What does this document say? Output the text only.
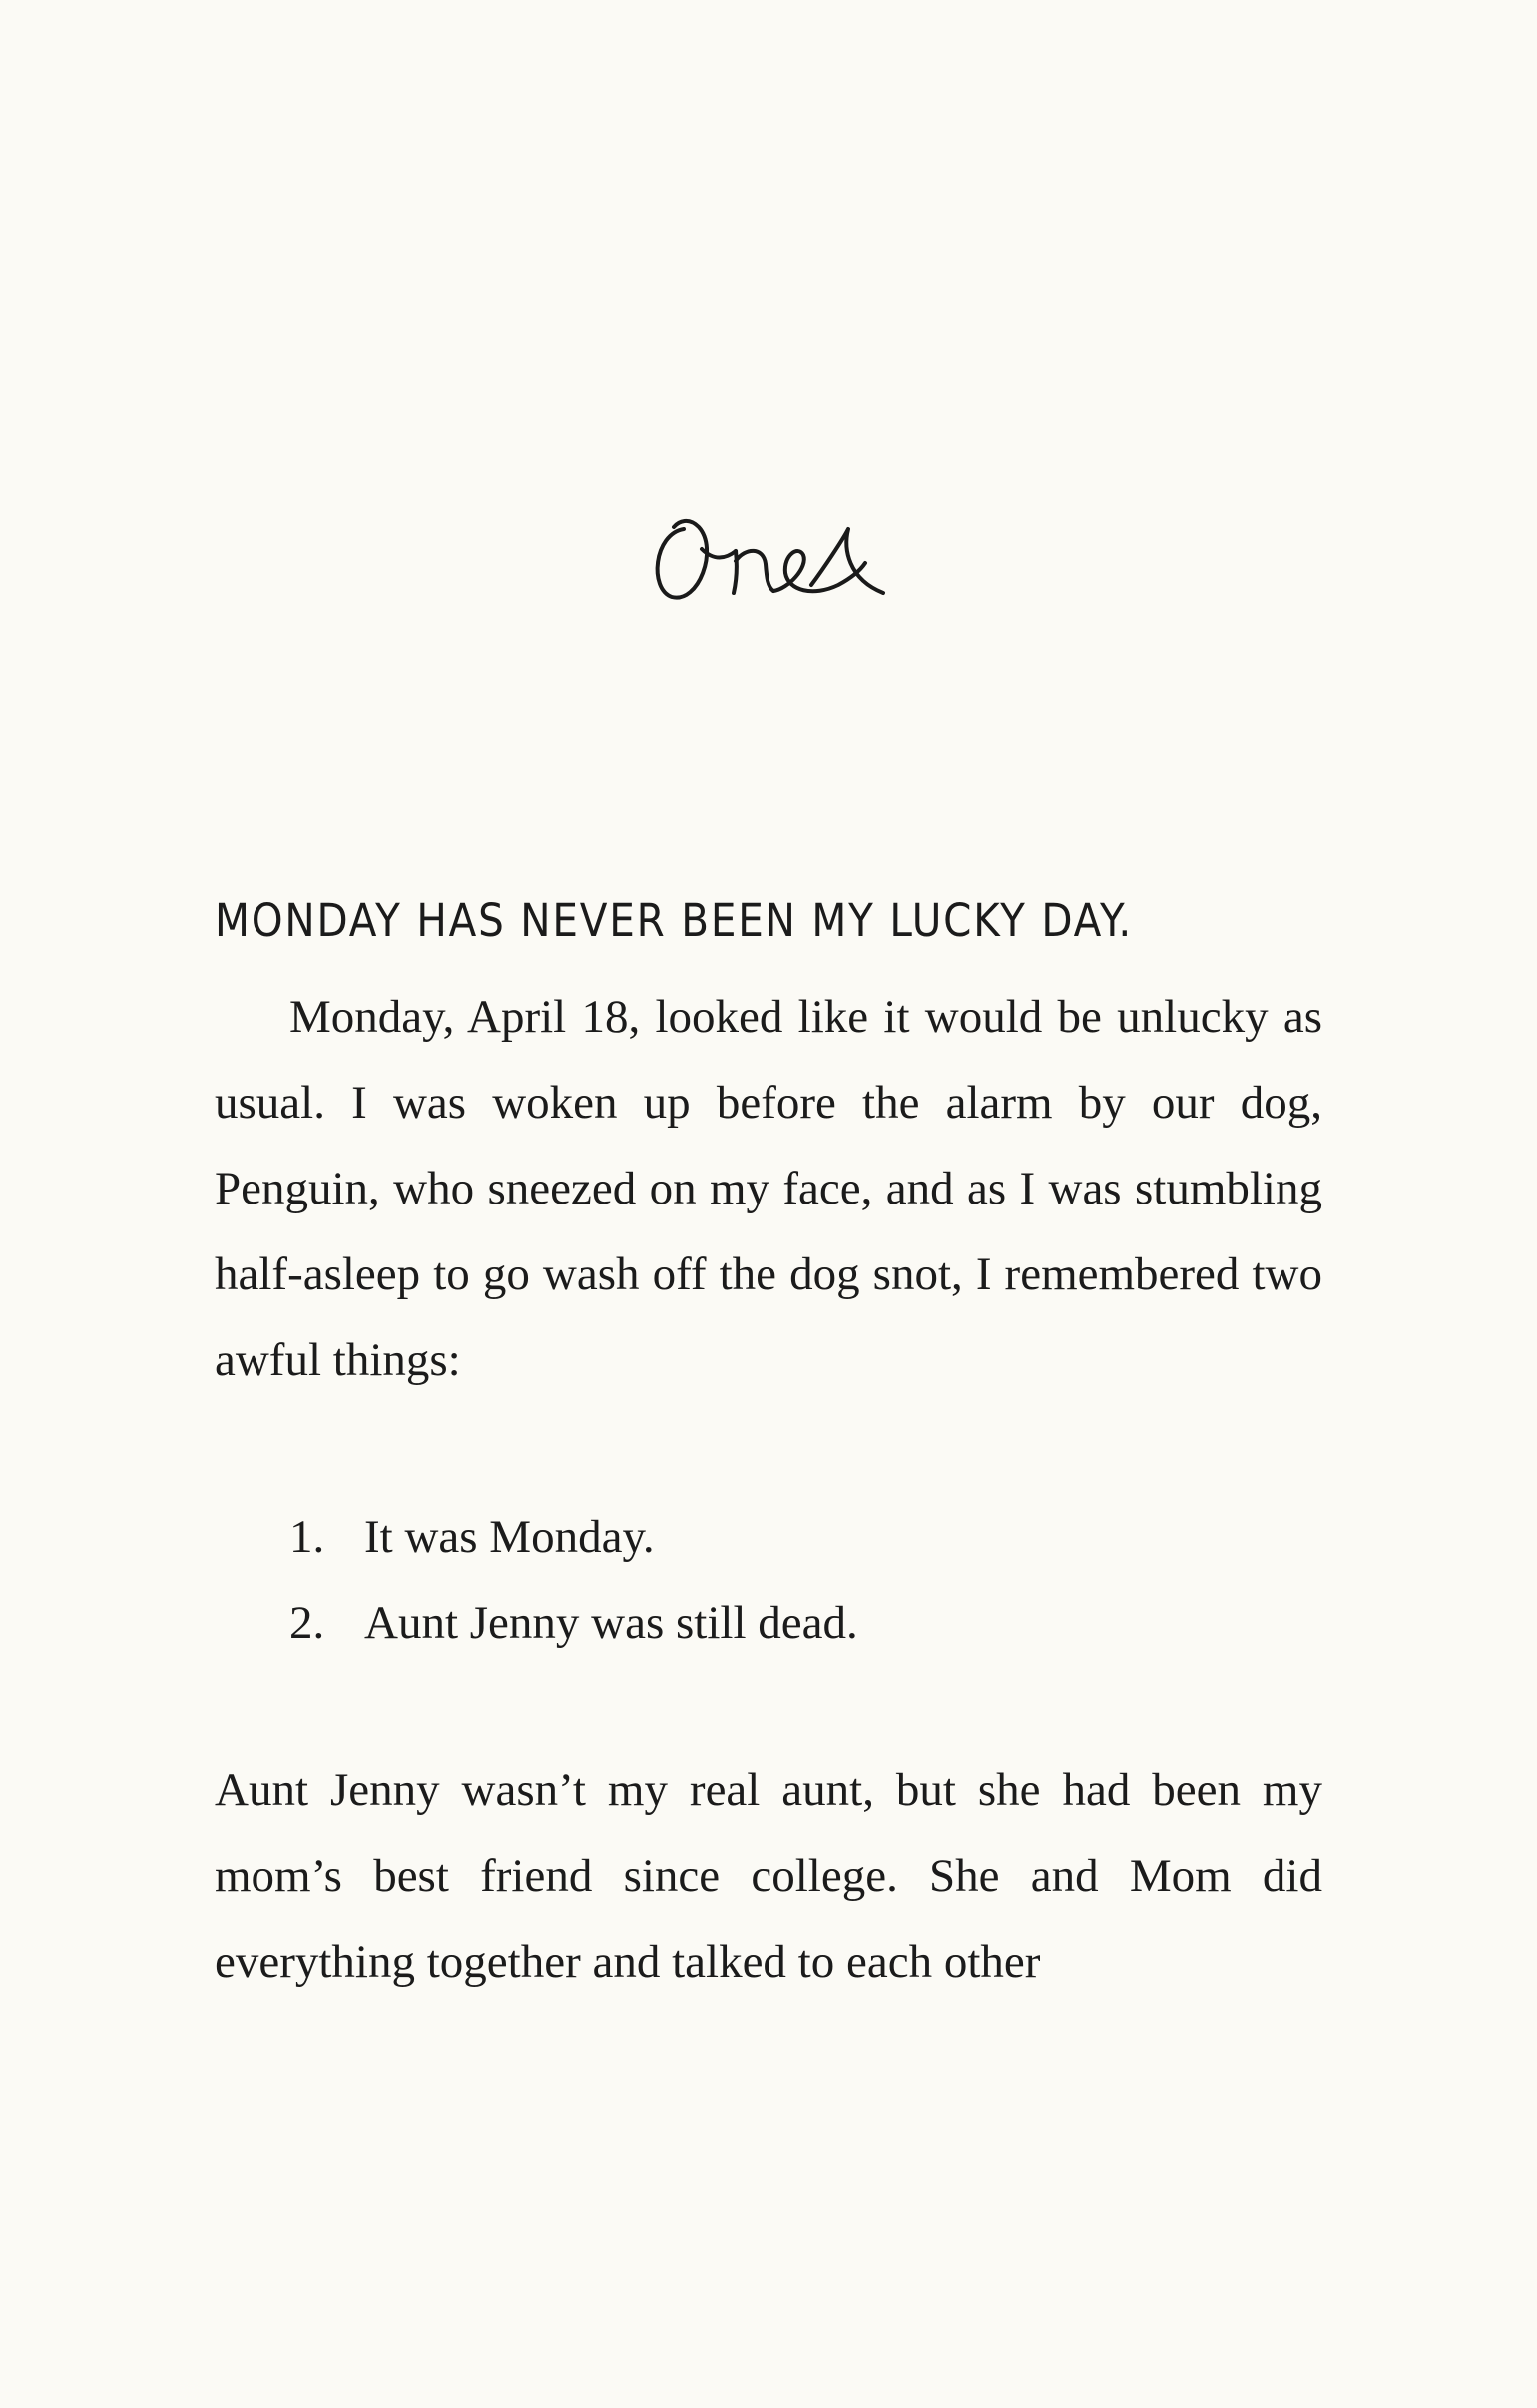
MONDAY HAS NEVER BEEN MY LUCKY DAY.
Monday, April 18, looked like it would be unlucky as usual. I was woken up before the alarm by our dog, Penguin, who sneezed on my face, and as I was stumbling half-asleep to go wash off the dog snot, I remembered two awful things:
1. It was Monday.
2. Aunt Jenny was still dead.
Aunt Jenny wasn’t my real aunt, but she had been my mom’s best friend since college. She and Mom did everything together and talked to each other
